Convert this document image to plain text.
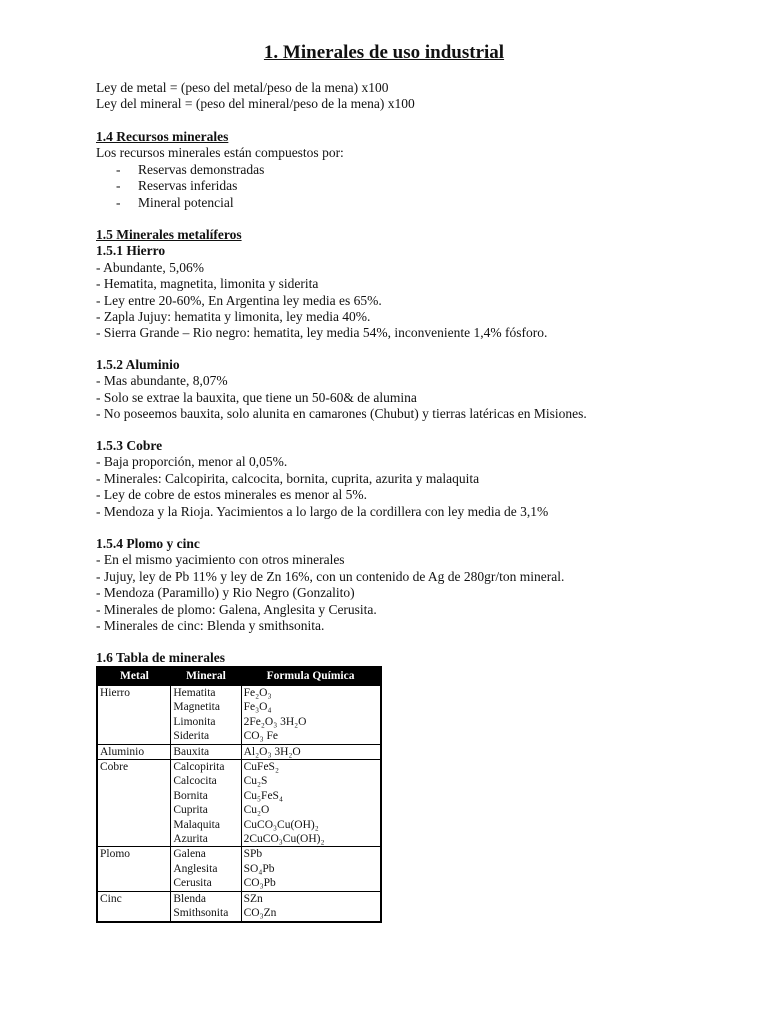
1. Minerales de uso industrial
Ley de metal = (peso del metal/peso de la mena) x100
Ley del mineral = (peso del mineral/peso de la mena) x100
1.4 Recursos minerales
Los recursos minerales están compuestos por:
- Reservas demonstradas
- Reservas inferidas
- Mineral potencial
1.5 Minerales metalíferos
1.5.1 Hierro
- Abundante, 5,06%
- Hematita, magnetita, limonita y siderita
- Ley entre 20-60%, En Argentina ley media es 65%.
- Zapla Jujuy: hematita y limonita, ley media 40%.
- Sierra Grande – Rio negro: hematita, ley media 54%, inconveniente 1,4% fósforo.
1.5.2 Aluminio
- Mas abundante, 8,07%
- Solo se extrae la bauxita, que tiene un 50-60& de alumina
- No poseemos bauxita, solo alunita en camarones (Chubut) y tierras latéricas en Misiones.
1.5.3 Cobre
- Baja proporción, menor al 0,05%.
- Minerales: Calcopirita, calcocita, bornita, cuprita, azurita y malaquita
- Ley de cobre de estos minerales es menor al 5%.
- Mendoza y la Rioja. Yacimientos a lo largo de la cordillera con ley media de 3,1%
1.5.4 Plomo y cinc
- En el mismo yacimiento con otros minerales
- Jujuy, ley de Pb 11% y ley de Zn 16%, con un contenido de Ag de 280gr/ton mineral.
- Mendoza (Paramillo) y Rio Negro (Gonzalito)
- Minerales de plomo: Galena, Anglesita y Cerusita.
- Minerales de cinc: Blenda y smithsonita.
1.6 Tabla de minerales
Metal	Mineral	Formula Química
Hierro	Hematita	Fe₂O₃
	Magnetita	Fe₃O₄
	Limonita	2Fe₂O₃ 3H₂O
	Siderita	CO₃ Fe
Aluminio	Bauxita	Al₂O₃ 3H₂O
Cobre	Calcopirita	CuFeS₂
	Calcocita	Cu₂S
	Bornita	Cu₅FeS₄
	Cuprita	Cu₂O
	Malaquita	CuCO₃Cu(OH)₂
	Azurita	2CuCO₃Cu(OH)₂
Plomo	Galena	SPb
	Anglesita	SO₄Pb
	Cerusita	CO₃Pb
Cinc	Blenda	SZn
	Smithsonita	CO₃Zn
